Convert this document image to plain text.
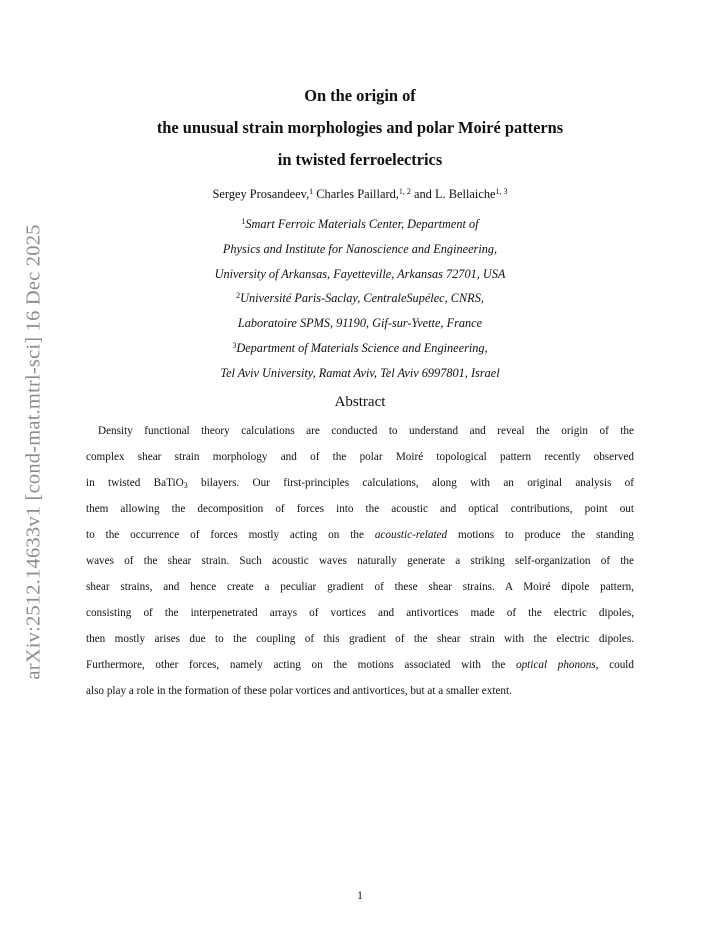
arXiv:2512.14633v1 [cond-mat.mtrl-sci] 16 Dec 2025
On the origin of
the unusual strain morphologies and polar Moiré patterns
in twisted ferroelectrics
Sergey Prosandeev,$^1$ Charles Paillard,$^{1, 2}$ and L. Bellaiche$^{1, 3}$
$^1$Smart Ferroic Materials Center, Department of
Physics and Institute for Nanoscience and Engineering,
University of Arkansas, Fayetteville, Arkansas 72701, USA
$^2$Université Paris-Saclay, CentraleSupélec, CNRS,
Laboratoire SPMS, 91190, Gif-sur-Yvette, France
$^3$Department of Materials Science and Engineering,
Tel Aviv University, Ramat Aviv, Tel Aviv 6997801, Israel
Abstract
Density functional theory calculations are conducted to understand and reveal the origin of the
complex shear strain morphology and of the polar Moiré topological pattern recently observed
in twisted BaTiO$_3$ bilayers. Our first-principles calculations, along with an original analysis of
them allowing the decomposition of forces into the acoustic and optical contributions, point out
to the occurrence of forces mostly acting on the acoustic-related motions to produce the standing
waves of the shear strain. Such acoustic waves naturally generate a striking self-organization of the
shear strains, and hence create a peculiar gradient of these shear strains. A Moiré dipole pattern,
consisting of the interpenetrated arrays of vortices and antivortices made of the electric dipoles,
then mostly arises due to the coupling of this gradient of the shear strain with the electric dipoles.
Furthermore, other forces, namely acting on the motions associated with the optical phonons, could
also play a role in the formation of these polar vortices and antivortices, but at a smaller extent.
1
